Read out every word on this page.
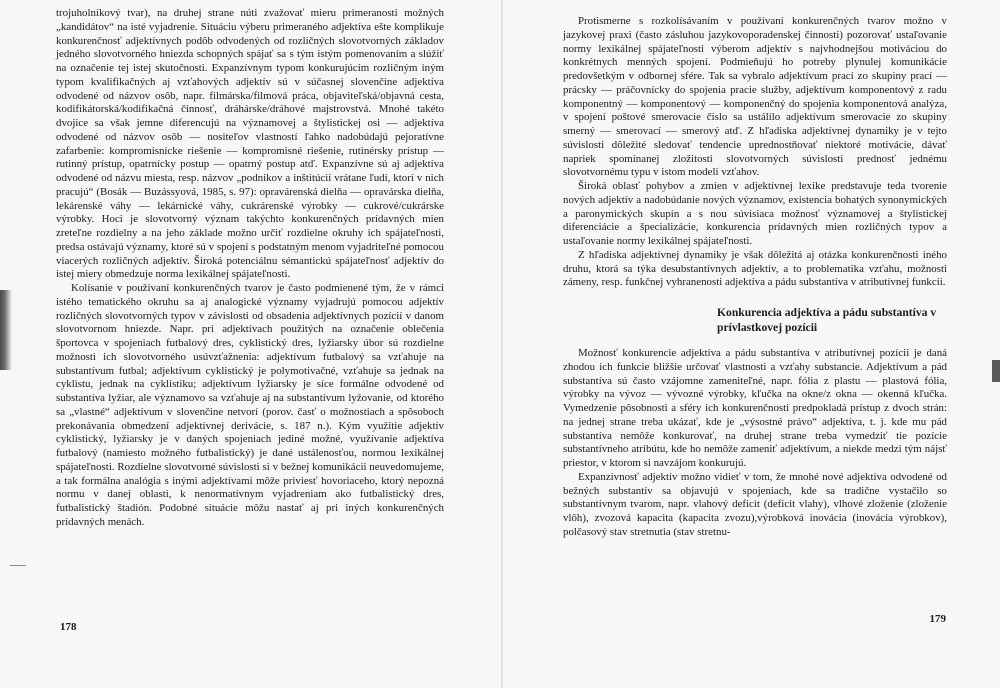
trojuholníkový tvar), na druhej strane núti zvažovať mieru primeranosti možných „kandidátov“ na isté vyjadrenie. Situáciu výberu primeraného adjektíva ešte komplikuje konkurenčnosť adjektívnych podôb odvodených od rozličných slovotvorných základov jedného slovotvorného hniezda schopných spájať sa s tým istým pomenovaním a slúžiť na označenie tej istej skutočnosti. Expanzívnym typom konkurujúcim rozličným iným typom kvalifikačných aj vzťahových adjektív sú v súčasnej slovenčine adjektíva odvodené od názvov osôb, napr. filmárska/filmová práca, objaviteľská/objavná cesta, kodifikátorská/kodifikačná činnosť, dráhárske/dráhové majstrovstvá. Mnohé takéto dvojice sa však jemne diferencujú na významovej a štylistickej osi — adjektíva odvodené od názvov osôb — nositeľov vlastností ľahko nadobúdajú pejoratívne zafarbenie: kompromisnícke riešenie — kompromisné riešenie, rutinérsky prístup — rutinný prístup, opatrnícky postup — opatrný postup atď. Expanzívne sú aj adjektíva odvodené od názvu miesta, resp. názvov „podnikov a inštitúcií vrátane ľudí, ktorí v nich pracujú“ (Bosák — Buzássyová, 1985, s. 97): opravárenská dielňa — opravárska dielňa, lekárenské váhy — lekárnické váhy, cukrárenské výrobky — cukrové/cukrárske výrobky. Hoci je slovotvorný význam takýchto konkurenčných prídavných mien zreteľne rozdielny a na jeho základe možno určiť rozdielne okruhy ich spájateľnosti, predsa ostávajú významy, ktoré sú v spojení s podstatným menom vyjadriteľné pomocou viacerých rozličných adjektív. Široká potenciálnu sémantickú spájateľnosť adjektív do istej miery obmedzuje norma lexikálnej spájateľnosti.

Kolísanie v používaní konkurenčných tvarov je často podmienené tým, že v rámci istého tematického okruhu sa aj analogické významy vyjadrujú pomocou adjektív rozličných slovotvorných typov v závislosti od obsadenia adjektívnych pozícií v danom slovotvornom hniezde. Napr. pri adjektívach použitých na označenie oblečenia športovca v spojeniach futbalový dres, cyklistický dres, lyžiarsky úbor sú rozdielne možnosti ich slovotvorného usúvzťažnenia: adjektívum futbalový sa vzťahuje na substantívum futbal; adjektívum cyklistický je polymotivačné, vzťahuje sa jednak na cyklistu, jednak na cyklistiku; adjektívum lyžiarsky je síce formálne odvodené od substantíva lyžiar, ale významovo sa vzťahuje aj na substantívum lyžovanie, od ktorého sa „vlastné“ adjektívum v slovenčine netvorí (porov. časť o možnostiach a spôsoboch prekonávania obmedzení adjektívnej derivácie, s. 187 n.). Kým využitie adjektív cyklistický, lyžiarsky je v daných spojeniach jediné možné, využívanie adjektíva futbalový (namiesto možného futbalistický) je dané ustálenosťou, normou lexikálnej spájateľnosti. Rozdielne slovotvorné súvislosti si v bežnej komunikácii neuvedomujeme, a tak formálna analógia s inými adjektívami môže priviesť hovoriaceho, ktorý nepozná normu v danej oblasti, k nenormatívnym vyjadreniam ako futbalistický dres, futbalistický štadión. Podobné situácie môžu nastať aj pri iných konkurenčných prídavných menách.

178

Protismerne s rozkolísávaním v používaní konkurenčných tvarov možno v jazykovej praxi (často zásluhou jazykovoporadenskej činnosti) pozorovať ustaľovanie normy lexikálnej spájateľnosti výberom adjektív s najvhodnejšou motiváciou do konkrétnych menných spojení. Podmieňujú ho potreby plynulej komunikácie predovšetkým v odbornej sfére. Tak sa vybralo adjektívum prací zo skupiny prací — prácsky — práčovnícky do spojenia pracie služby, adjektívum komponentový z radu komponentný — komponentový — komponenčný do spojenia komponentová analýza, v spojení poštové smerovacie číslo sa ustálilo adjektívum smerovacie zo skupiny smerný — smerovací — smerový atď. Z hľadiska adjektívnej dynamiky je v tejto súvislosti dôležité sledovať tendencie uprednostňovať niektoré motivácie, dávať napriek spomínanej zložitosti slovotvorných súvislostí prednosť jednému slovotvornému typu v istom modeli vzťahov.

Široká oblasť pohybov a zmien v adjektívnej lexike predstavuje teda tvorenie nových adjektív a nadobúdanie nových významov, existencia bohatých synonymických a paronymických skupín a s nou súvisiaca možnosť významovej a štylistickej diferenciácie a špecializácie, konkurencia prídavných mien rozličných typov a ustaľovanie normy lexikálnej spájateľnosti.

Z hľadiska adjektívnej dynamiky je však dôležitá aj otázka konkurenčnosti iného druhu, ktorá sa týka desubstantívnych adjektív, a to problematika vzťahu, možnosti zámeny, resp. funkčnej vyhranenosti adjektíva a pádu substantíva v atributívnej funkcii.

Konkurencia adjektíva a pádu substantíva v prívlastkovej pozícii

Možnosť konkurencie adjektíva a pádu substantíva v atributívnej pozícii je daná zhodou ich funkcie bližšie určovať vlastnosti a vzťahy substancie. Adjektívum a pád substantíva sú často vzájomne zameniteľné, napr. fólia z plastu — plastová fólia, výrobky na vývoz — vývozné výrobky, kľučka na okne/z okna — okenná kľučka. Vymedzenie pôsobnosti a sféry ich konkurenčnosti predpokladá prístup z dvoch strán: na jednej strane treba ukázať, kde je „výsostné právo“ adjektíva, t. j. kde mu pád substantíva nemôže konkurovať, na druhej strane treba vymedziť tie pozície substantívneho atribútu, kde ho nemôže zameniť adjektívum, a niekde medzi tým nájsť priestor, v ktorom si navzájom konkurujú.

Expanzívnosť adjektív možno vidieť v tom, že mnohé nové adjektíva odvodené od bežných substantív sa objavujú v spojeniach, kde sa tradične vystačilo so substantívnym tvarom, napr. vlahový deficit (deficit vlahy), vlhové zloženie (zloženie vlôh), zvozová kapacita (kapacita zvozu),výrobková inovácia (inovácia výrobkov), polčasový stav stretnutia (stav stretnu-

179
